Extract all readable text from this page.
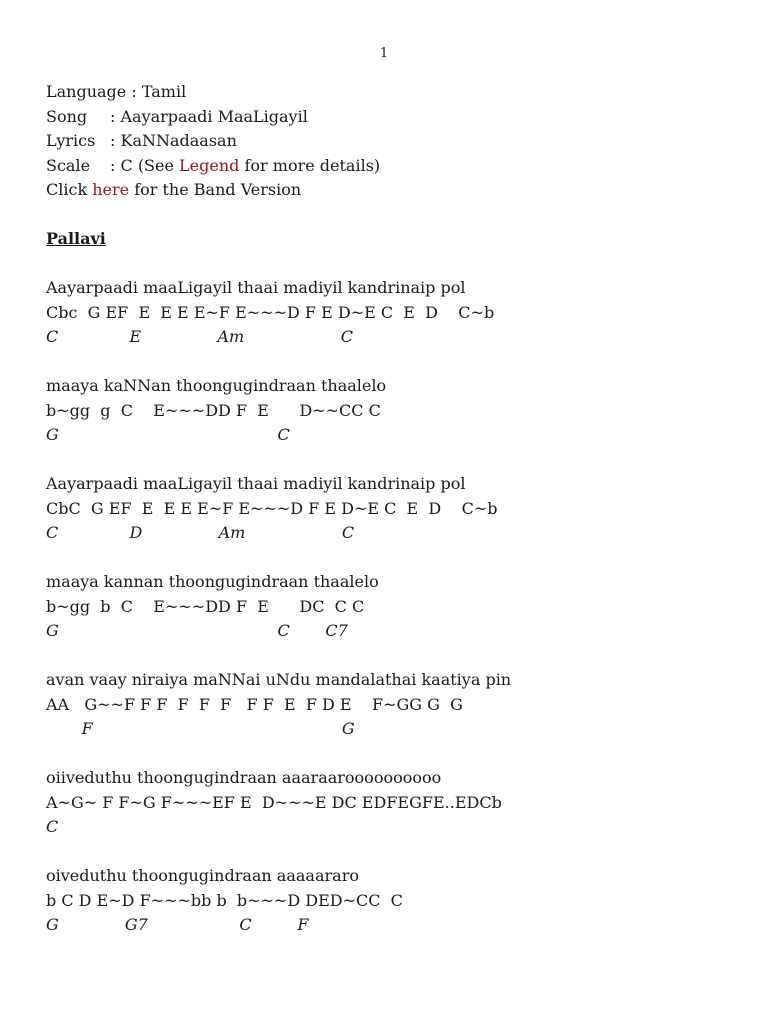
1
Language : Tamil
Song : Aayarpaadi MaaLigayil
Lyrics : KaNNadaasan
Scale : C (See Legend for more details)
Click here for the Band Version
Pallavi
Aayarpaadi maaLigayil thaai madiyil kandrinaip pol
Cbc  G EF  E  E E E~F E~~~D F E D~E C  E  D    C~b
C              E               Am                   C
maaya kaNNan thoongugindraan thaalelo
b~gg  g  C    E~~~DD F  E      D~~CC C
G                                           C
Aayarpaadi maaLigayil thaai madiyil kandrinaip pol
CbC  G EF  E  E E E~F E~~~D F E D~E C  E  D    C~b
C              D               Am                   C
maaya kannan thoongugindraan thaalelo
b~gg  b  C    E~~~DD F  E      DC  C C
G                                           C       C7
avan vaay niraiya maNNai uNdu mandalathai kaatiya pin
AA   G~~F F F  F  F  F   F F  E  F D E    F~GG G  G
F                                                 G
oiiveduthu thoongugindraan aaaraaroooooooooo
A~G~ F F~G F~~~EF E  D~~~E DC EDFEGFE..EDCb
C
oiveduthu thoongugindraan aaaaararo
b C D E~D F~~~bb b  b~~~D DED~CC  C
G             G7                  C         F
